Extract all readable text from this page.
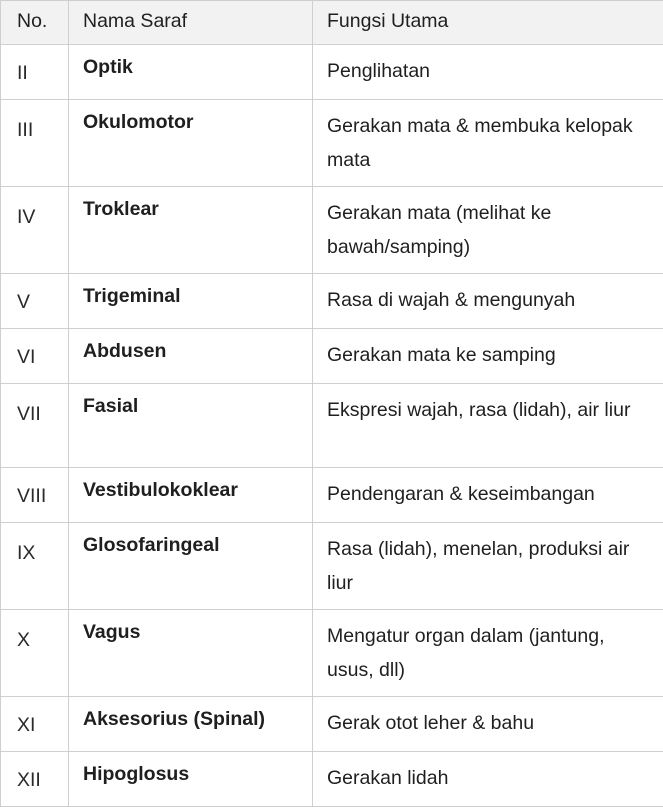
No.	Nama Saraf	Fungsi Utama
II	Optik	Penglihatan
III	Okulomotor	Gerakan mata & membuka kelopak mata
IV	Troklear	Gerakan mata (melihat ke bawah/samping)
V	Trigeminal	Rasa di wajah & mengunyah
VI	Abdusen	Gerakan mata ke samping
VII	Fasial	Ekspresi wajah, rasa (lidah), air liur
VIII	Vestibulokoklear	Pendengaran & keseimbangan
IX	Glosofaringeal	Rasa (lidah), menelan, produksi air liur
X	Vagus	Mengatur organ dalam (jantung, usus, dll)
XI	Aksesorius (Spinal)	Gerak otot leher & bahu
XII	Hipoglosus	Gerakan lidah
